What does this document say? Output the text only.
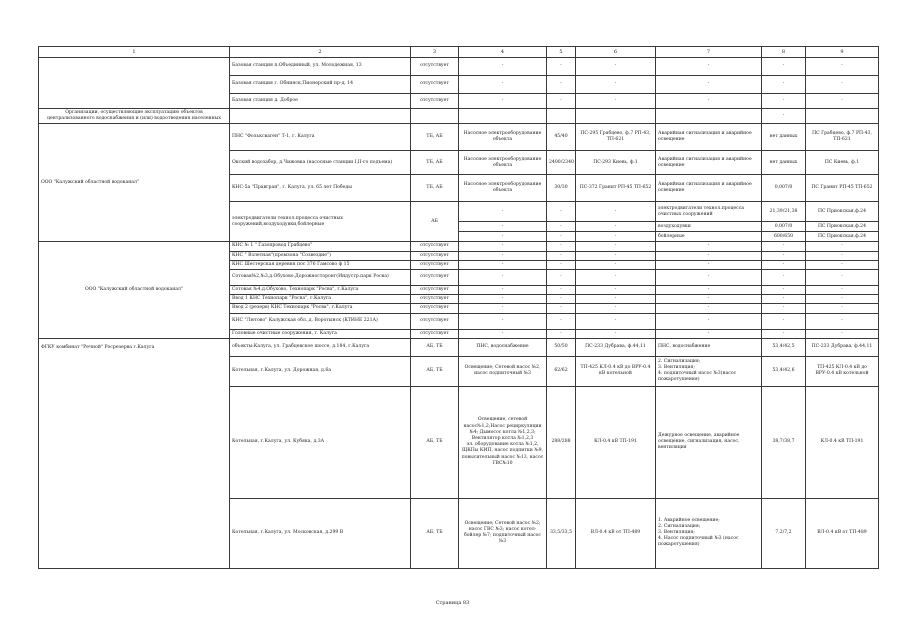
1	2	3	4	5	6	7	8	9
	Базовая станция п.Объединный, ул. Молодежная, 13	отсутствует	-	-	-	-	-	-
	Базовая станция г. Обнинск,Пионерский пр-д, 14	отсутствует	-	-	-	-	-	-
	Базовая станция д. Доброе	отсутствует	-	-	-	-	-	-
Организации, осуществляющие эксплуатацию объектов централизованного водоснабжения и (или) водоотведения населенных							-	
ООО "Калужский областной водоканал"	ПНС "Фольксваген" Т-1, г. Калуга	ТБ, АБ	Насосное электрооборудование объекта	45/40	ПС-295 Грабцево, ф.7 РП-43, ТП-621	Аварийная сигнализация и аварийное освещение	нет данных	ПС Грабцево, ф.7 РП-43, ТП-621
	Окский водозабор, д.Чижовка (насосные станции I,II-го подъема)	ТБ, АБ	Насосное электрооборудование объекта	2400/2340	ПС-293 Киевь, ф.1	Аварийная сигнализация и аварийное освещение	нет данных	ПС Киевь, ф.1
	КНС-5а "Правгран", г. Калуга, ул. 65 лет Победы	ТБ, АБ	Насосное электрооборудование объекта	30/30	ПС-372 Гранит РП-45 ТП-652	Аварийная сигнализация и аварийное освещение	0,007/0	ПС Гранит РП-45 ТП-652
	электродвигатели технол.процесса очистных сооружений,воздуходувки,бойлерные	АБ	-	-	-	электродвигатели технол.процесса очистных сооружений	21,39/21,38	ПС Приокская,ф.24
			-	-	-	воздуходувки	0,007/0	ПС Приокская,ф.24
			-	-	-	бойлерные	600/650	ПС Приокская,ф.24
ООО "Калужский областной водоканал"	КНС № 1 " Газопровод Грабцево"	отсутствует	-	-	-	-	-	-
	КНС " Взлетная"(промзона "Созвездие")	отсутствует	-	-	-	-	-	-
	КНС Шестерская деревня пос 376 Гамсово ф 15	отсутствует	-	-	-	-	-	-
	Сотовая№2,№3,д.Обухово,Дорожносторонг(Индустр.парк Росва)	отсутствует	-	-	-	-	-	-
	Сотовая №4,д.Обухово, Технопарк "Росва", г.Калуга	отсутствует	-	-	-	-	-	-
	Ввод 1 КНС Технопарк "Росва", г.Калуга	отсутствует	-	-	-	-	-	-
	Ввод 2 (резерв) КНС Технопарк "Росва", г.Калуга	отсутствует	-	-	-	-	-	-
	КНС "Лютово" Калужская обл.,д. Воротынск (КТИНЕ 221А)	отсутствует	-	-	-	-	-	-
	Головные очистные сооружения, г. Калуга	отсутствует	-	-	-	-	-	-
ФГКУ комбинат "Речной" Росрезерва г.Калуга	объекты:Калуга, ул. Грабцевское шоссе, д.184, г.Калуга	АБ, ТБ	ПНС, водоснабжение	50/50	ПС-233 Дубрава, ф.44,11	ПНС, водоснабжение	53,4/42,5	ПС-233 Дубрава, ф.44,11
	Котельная, г.Калуга, ул. Дорожная, д.6а	АБ, ТБ	Освещение; Сетевой насос №2, насос подпиточный №3	62/62	ТП-425 КЛ-0.4 кВ до ВРУ-0.4 кВ котельной	2. Сигнализация;
3. Вентиляция;
4. подпиточный насос №3(насос пожаротушения)	53,4/42,6	ТП-425 КЛ-0.4 кВ до ВРУ-0.4 кВ котельной
	Котельная, г.Калуга, ул. Кубяка, д.3А	АБ, ТБ	Освещение, сетевой насос№1,2;Насос рециркуляции №4; Дымосос котла №1,2,3; Вентилятор котла №1,2,3
эл. оборудование котла №1,2, ЩКПы КИП, насос подпитки №9, повысительный насос №13, насос ГВС№10	288/288	КЛ-0.4 кВ ТП-191	Дежурное освещение, аварийное освещение, сигнализация, насос, вентиляция	38,7/38,7	КЛ-0.4 кВ ТП-191
	Котельная, г.Калуга, ул. Московская, д.299 В	АБ, ТБ	Освещение; Сетевой насос №2; насос ГВС №3; насос котел-бойлер №7; подпиточный насос №3	33,5/33,5	ВЛ-0.4 кВ от ТП-489	1. Аварийное освещение;
2. Сигнализация;
3. Вентиляция;
4. Насос подпиточный №3 (насос пожаротушения)	7,2/7,2	ВЛ-0.4 кВ от ТП-489
Страница 83
